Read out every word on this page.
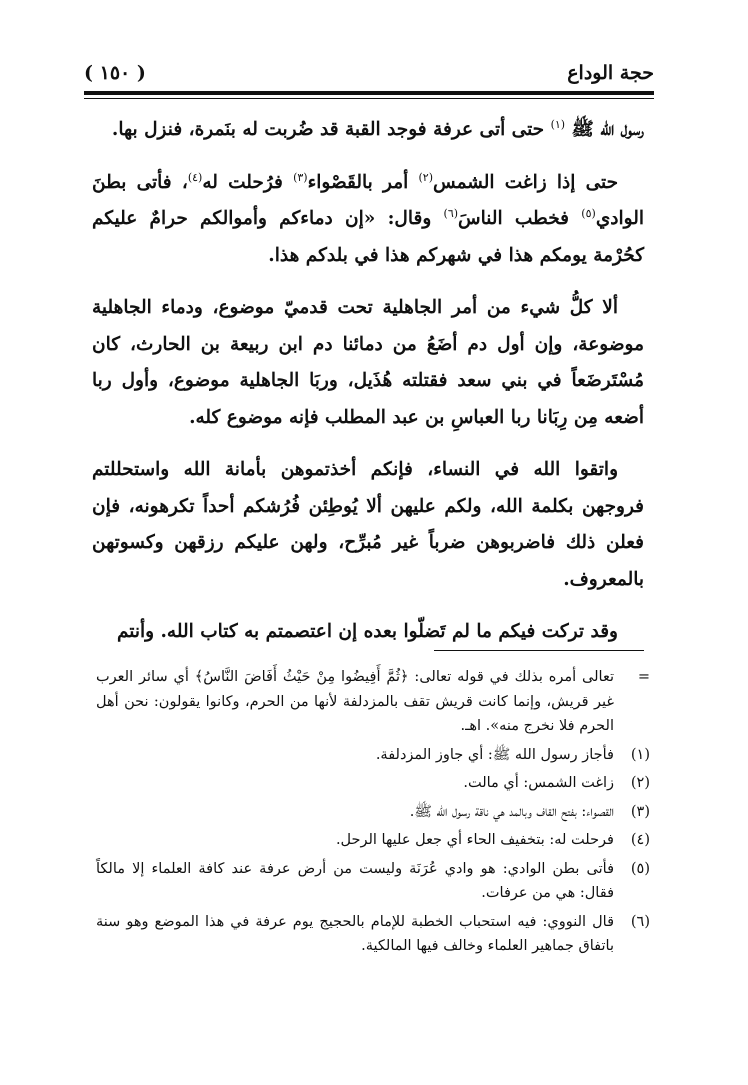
حجة الوداع
( ١٥٠ )

رسول الله ﷺ $^{(١)}$ حتى أتى عرفة فوجد القبة قد ضُربت له بنَمرة، فنزل بها.

حتى إذا زاغت الشمس$^{(٢)}$ أمر بالقَصْواء$^{(٣)}$ فرُحلت له$^{(٤)}$، فأتى بطنَ الوادي$^{(٥)}$ فخطب الناسَ$^{(٦)}$ وقال: «إن دماءكم وأموالكم حرامٌ عليكم كحُرْمة يومكم هذا في شهركم هذا في بلدكم هذا.

ألا كلُّ شيء من أمر الجاهلية تحت قدميّ موضوع، ودماء الجاهلية موضوعة، وإن أول دم أضَعُ من دمائنا دم ابن ربيعة بن الحارث، كان مُسْتَرضَعاً في بني سعد فقتلته هُذَيل، وربَا الجاهلية موضوع، وأول ربا أضعه مِن رِبَانا ربا العباسِ بن عبد المطلب فإنه موضوع كله.

واتقوا الله في النساء، فإنكم أخذتموهن بأمانة الله واستحللتم فروجهن بكلمة الله، ولكم عليهن ألا يُوطِئن فُرُشكم أحداً تكرهونه، فإن فعلن ذلك فاضربوهن ضرباً غير مُبرِّح، ولهن عليكم رزقهن وكسوتهن بالمعروف.

وقد تركت فيكم ما لم تَضلّوا بعده إن اعتصمتم به كتاب الله. وأنتم

=
تعالى أمره بذلك في قوله تعالى: ﴿ثُمَّ أَفِيضُوا مِنْ حَيْثُ أَفَاضَ النَّاسُ﴾ أي سائر العرب غير قريش، وإنما كانت قريش تقف بالمزدلفة لأنها من الحرم، وكانوا يقولون: نحن أهل الحرم فلا نخرج منه». اهـ.
(١)
فأجاز رسول الله ﷺ: أي جاوز المزدلفة.
(٢)
زاغت الشمس: أي مالت.
(٣)
القصواء: بفتح القاف وبالمد هي ناقة رسول الله ﷺ.
(٤)
فرحلت له: بتخفيف الحاء أي جعل عليها الرحل.
(٥)
فأتى بطن الوادي: هو وادي عُرَنَة وليست من أرض عرفة عند كافة العلماء إلا مالكاً فقال: هي من عرفات.
(٦)
قال النووي: فيه استحباب الخطبة للإمام بالحجيج يوم عرفة في هذا الموضع وهو سنة باتفاق جماهير العلماء وخالف فيها المالكية.
